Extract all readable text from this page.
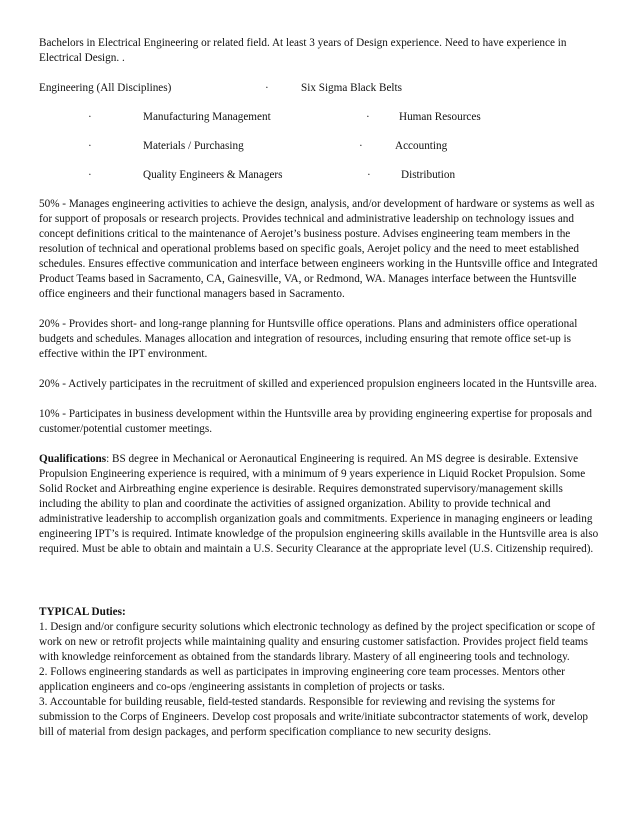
Bachelors in Electrical Engineering or related field. At least 3 years of Design experience. Need to have experience in Electrical Design. .

Engineering (All Disciplines)	·	Six Sigma Black Belts
·	Manufacturing Management	·	Human Resources
·	Materials / Purchasing	·	Accounting
·	Quality Engineers & Managers	·	Distribution

50% - Manages engineering activities to achieve the design, analysis, and/or development of hardware or systems as well as for support of proposals or research projects. Provides technical and administrative leadership on technology issues and concept definitions critical to the maintenance of Aerojet’s business posture. Advises engineering team members in the resolution of technical and operational problems based on specific goals, Aerojet policy and the need to meet established schedules. Ensures effective communication and interface between engineers working in the Huntsville office and Integrated Product Teams based in Sacramento, CA, Gainesville, VA, or Redmond, WA. Manages interface between the Huntsville office engineers and their functional managers based in Sacramento.

20% - Provides short- and long-range planning for Huntsville office operations. Plans and administers office operational budgets and schedules. Manages allocation and integration of resources, including ensuring that remote office set-up is effective within the IPT environment.

20% - Actively participates in the recruitment of skilled and experienced propulsion engineers located in the Huntsville area.

10% - Participates in business development within the Huntsville area by providing engineering expertise for proposals and customer/potential customer meetings.

Qualifications: BS degree in Mechanical or Aeronautical Engineering is required. An MS degree is desirable. Extensive Propulsion Engineering experience is required, with a minimum of 9 years experience in Liquid Rocket Propulsion. Some Solid Rocket and Airbreathing engine experience is desirable. Requires demonstrated supervisory/management skills including the ability to plan and coordinate the activities of assigned organization. Ability to provide technical and administrative leadership to accomplish organization goals and commitments. Experience in managing engineers or leading engineering IPT’s is required. Intimate knowledge of the propulsion engineering skills available in the Huntsville area is also required. Must be able to obtain and maintain a U.S. Security Clearance at the appropriate level (U.S. Citizenship required).

TYPICAL Duties:

1. Design and/or configure security solutions which electronic technology as defined by the project specification or scope of work on new or retrofit projects while maintaining quality and ensuring customer satisfaction. Provides project field teams with knowledge reinforcement as obtained from the standards library. Mastery of all engineering tools and technology.

2. Follows engineering standards as well as participates in improving engineering core team processes. Mentors other application engineers and co-ops /engineering assistants in completion of projects or tasks.

3. Accountable for building reusable, field-tested standards. Responsible for reviewing and revising the systems for submission to the Corps of Engineers. Develop cost proposals and write/initiate subcontractor statements of work, develop bill of material from design packages, and perform specification compliance to new security designs.
